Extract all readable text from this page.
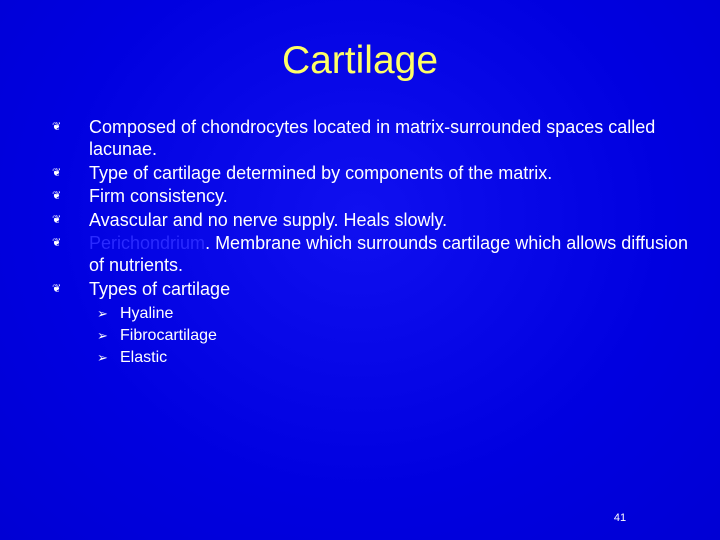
Cartilage
❦ Composed of chondrocytes located in matrix-surrounded spaces called lacunae.
❦ Type of cartilage determined by components of the matrix.
❦ Firm consistency.
❦ Avascular and no nerve supply. Heals slowly.
❦ Perichondrium. Membrane which surrounds cartilage which allows diffusion of nutrients.
❦ Types of cartilage
➢ Hyaline
➢ Fibrocartilage
➢ Elastic
41
